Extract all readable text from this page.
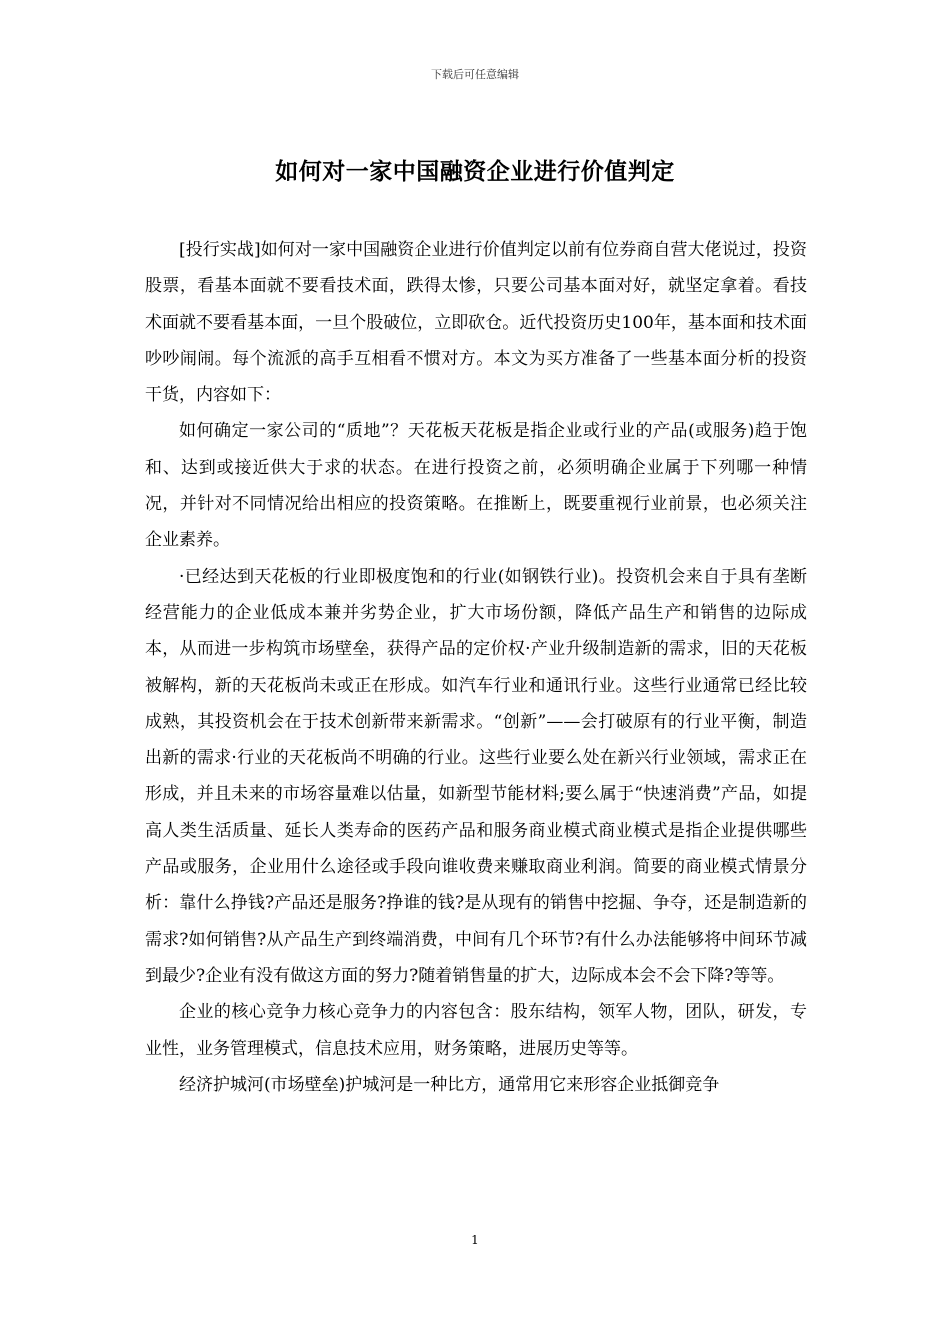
下载后可任意编辑
如何对一家中国融资企业进行价值判定

[投行实战]如何对一家中国融资企业进行价值判定以前有位券商自营大佬说过，投资股票，看基本面就不要看技术面，跌得太惨，只要公司基本面对好，就坚定拿着。看技术面就不要看基本面，一旦个股破位，立即砍仓。近代投资历史100年，基本面和技术面吵吵闹闹。每个流派的高手互相看不惯对方。本文为买方准备了一些基本面分析的投资干货，内容如下：

如何确定一家公司的“质地”？天花板天花板是指企业或行业的产品(或服务)趋于饱和、达到或接近供大于求的状态。在进行投资之前，必须明确企业属于下列哪一种情况，并针对不同情况给出相应的投资策略。在推断上，既要重视行业前景，也必须关注企业素养。

·已经达到天花板的行业即极度饱和的行业(如钢铁行业)。投资机会来自于具有垄断经营能力的企业低成本兼并劣势企业，扩大市场份额，降低产品生产和销售的边际成本，从而进一步构筑市场壁垒，获得产品的定价权·产业升级制造新的需求，旧的天花板被解构，新的天花板尚未或正在形成。如汽车行业和通讯行业。这些行业通常已经比较成熟，其投资机会在于技术创新带来新需求。“创新”——会打破原有的行业平衡，制造出新的需求·行业的天花板尚不明确的行业。这些行业要么处在新兴行业领域，需求正在形成，并且未来的市场容量难以估量，如新型节能材料;要么属于“快速消费”产品，如提高人类生活质量、延长人类寿命的医药产品和服务商业模式商业模式是指企业提供哪些产品或服务，企业用什么途径或手段向谁收费来赚取商业利润。简要的商业模式情景分析：靠什么挣钱?产品还是服务?挣谁的钱?是从现有的销售中挖掘、争夺，还是制造新的需求?如何销售?从产品生产到终端消费，中间有几个环节?有什么办法能够将中间环节减到最少?企业有没有做这方面的努力?随着销售量的扩大，边际成本会不会下降?等等。

企业的核心竞争力核心竞争力的内容包含：股东结构，领军人物，团队，研发，专业性，业务管理模式，信息技术应用，财务策略，进展历史等等。

经济护城河(市场壁垒)护城河是一种比方，通常用它来形容企业抵御竞争

1
